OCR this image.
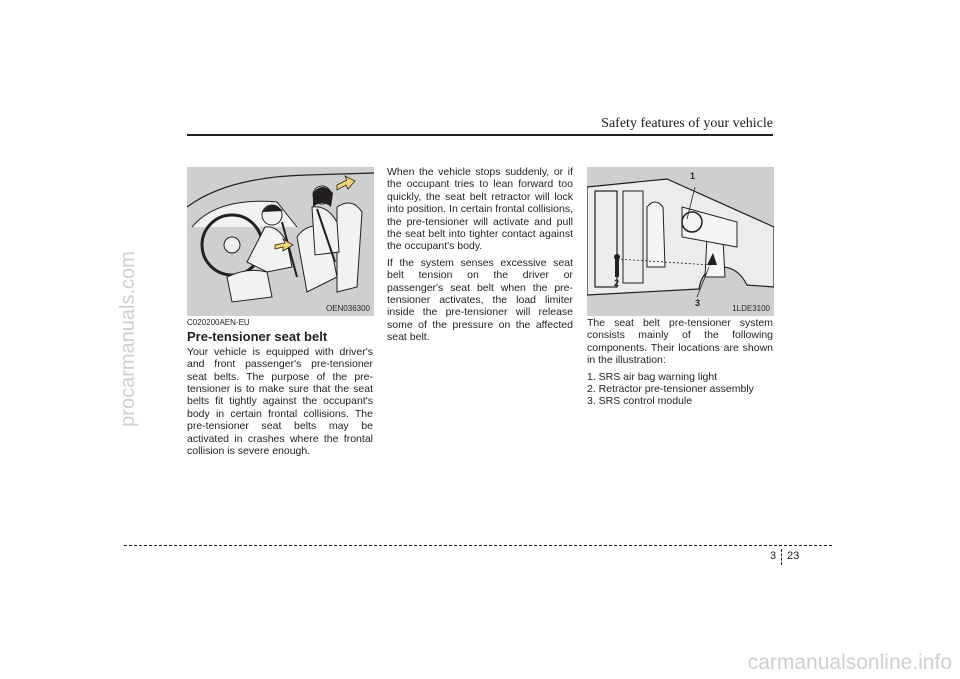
Safety features of your vehicle
procarmanuals.com	OEN036300
1
2
3
1LDE3100
C020200AEN-EU
Pre-tensioner seat belt

Your vehicle is equipped with driver's and front passenger's pre-tensioner seat belts. The purpose of the pre-tensioner is to make sure that the seat belts fit tightly against the occupant's body in certain frontal collisions. The pre-tensioner seat belts may be activated in crashes where the frontal collision is severe enough.

When the vehicle stops suddenly, or if the occupant tries to lean forward too quickly, the seat belt retractor will lock into position. In certain frontal collisions, the pre-tensioner will activate and pull the seat belt into tighter contact against the occupant's body.

If the system senses excessive seat belt tension on the driver or passenger's seat belt when the pre-tensioner activates, the load limiter inside the pre-tensioner will release some of the pressure on the affected seat belt.

The seat belt pre-tensioner system consists mainly of the following components. Their locations are shown in the illustration:

1. SRS air bag warning light
2. Retractor pre-tensioner assembly
3. SRS control module
3 23
carmanualsonline.info
